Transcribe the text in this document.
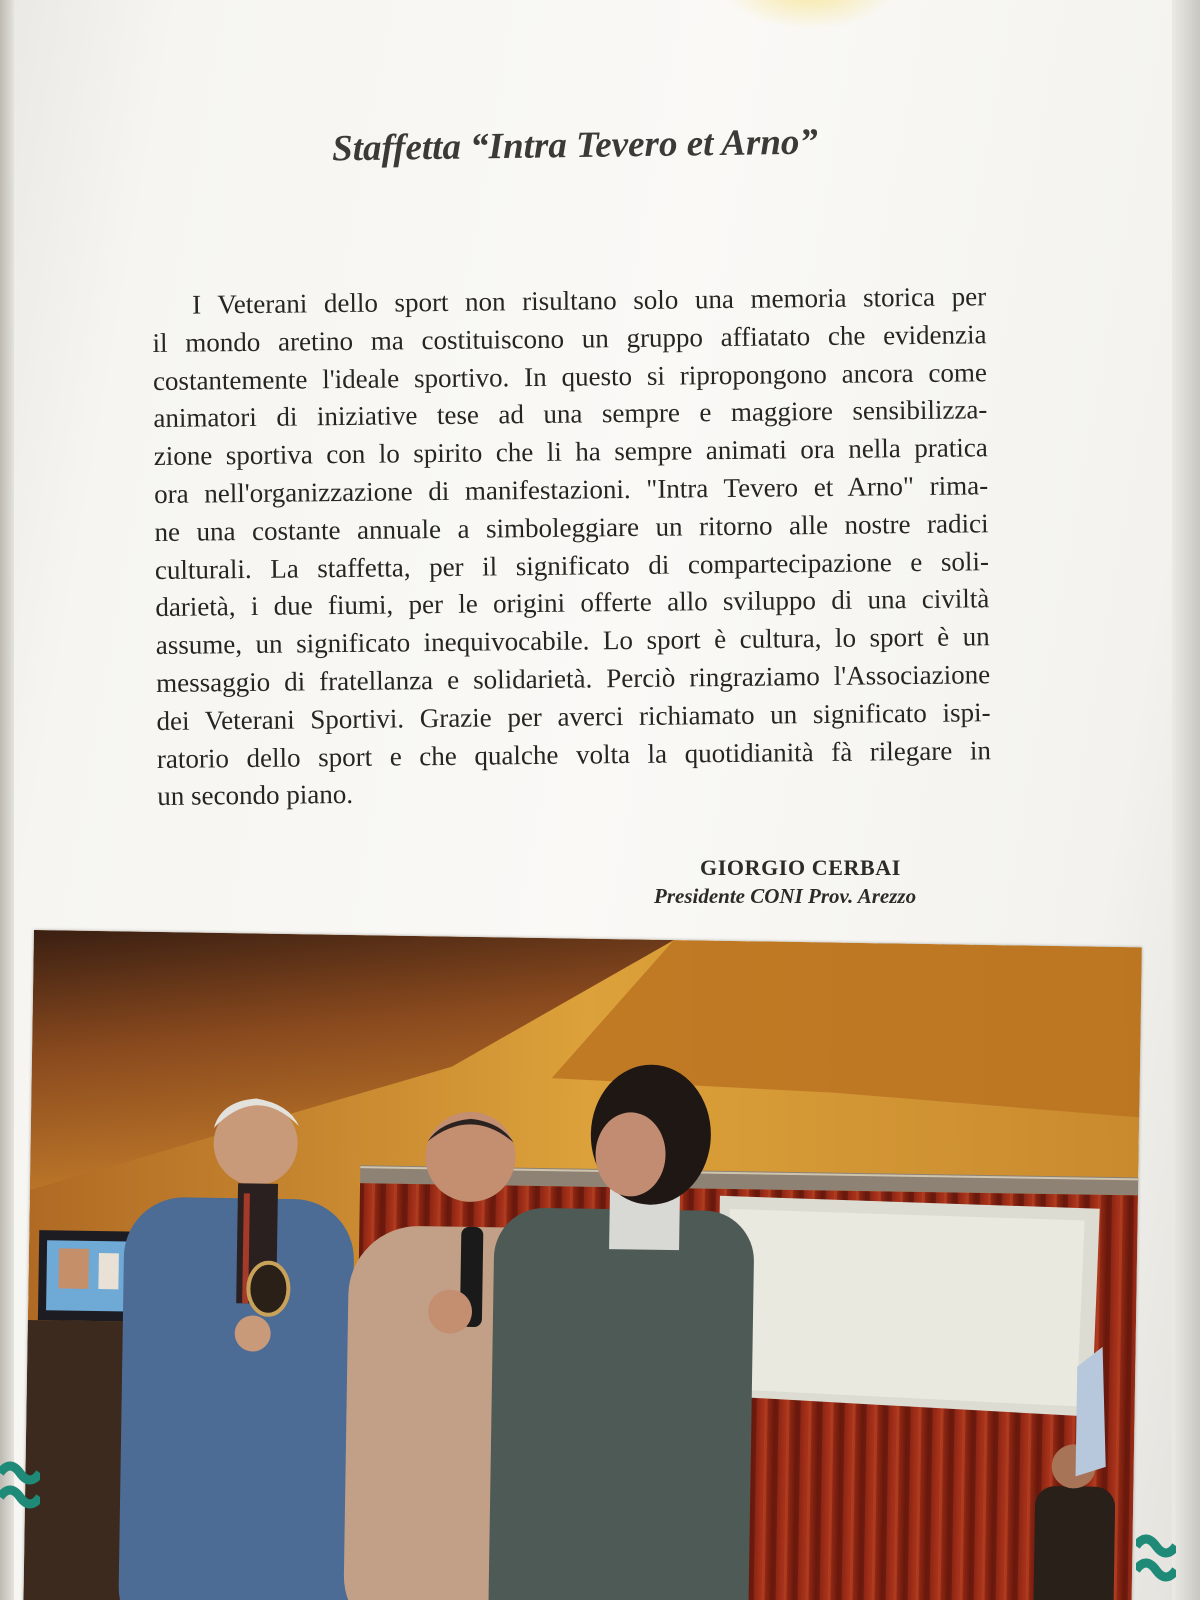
Staffetta “Intra Tevero et Arno”
I Veterani dello sport non risultano solo una memoria storica per
il mondo aretino ma costituiscono un gruppo affiatato che evidenzia
costantemente l'ideale sportivo. In questo si ripropongono ancora come
animatori di iniziative tese ad una sempre e maggiore sensibilizza-
zione sportiva con lo spirito che li ha sempre animati ora nella pratica
ora nell'organizzazione di manifestazioni. "Intra Tevero et Arno" rima-
ne una costante annuale a simboleggiare un ritorno alle nostre radici
culturali. La staffetta, per il significato di compartecipazione e soli-
darietà, i due fiumi, per le origini offerte allo sviluppo di una civiltà
assume, un significato inequivocabile. Lo sport è cultura, lo sport è un
messaggio di fratellanza e solidarietà. Perciò ringraziamo l'Associazione
dei Veterani Sportivi. Grazie per averci richiamato un significato ispi-
ratorio dello sport e che qualche volta la quotidianità fà rilegare in
un secondo piano.
GIORGIO CERBAI
Presidente CONI Prov. Arezzo
